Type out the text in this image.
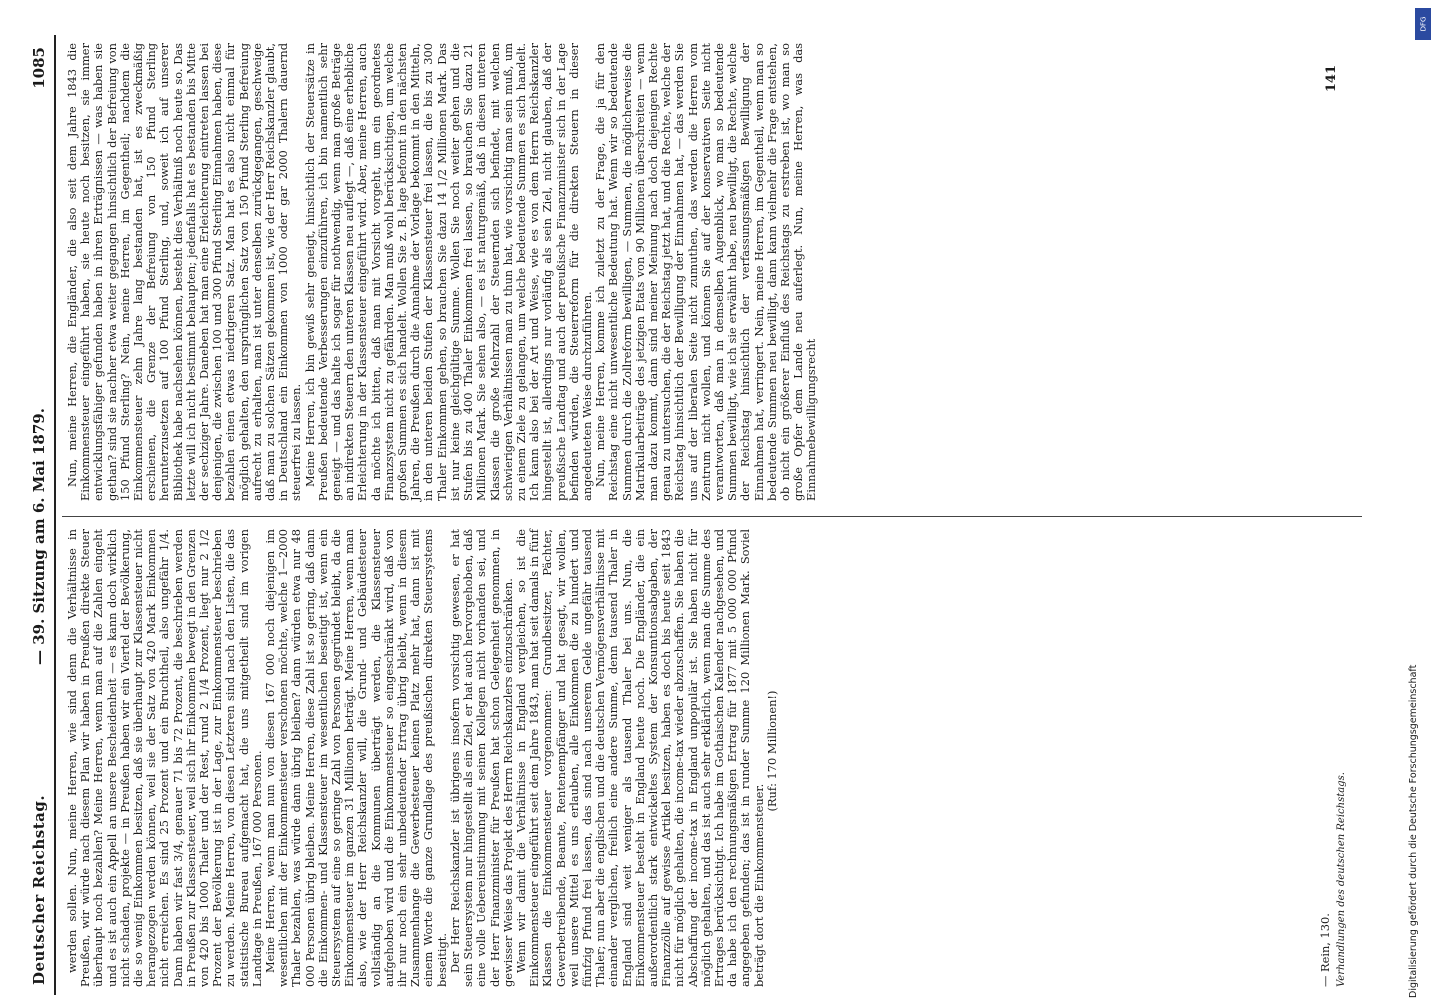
Deutscher Reichstag.
— 39. Sitzung am 6. Mai 1879.
1085

werden sollen. Nun, meine Herren, wie sind denn die Verhältnisse in Preußen, wir würde nach diesem Plan wir haben in Preußen direkte Steuer überhaupt noch bezahlen? Meine Herren, wenn man auf die Zahlen eingeht und es ist auch ein Appell an unsere Bescheidenheit — es kann doch wirklich nicht schaden, projekte — in Preußen haben wir ein Viertel der Bevölkerung, die so wenig Einkommen besitzen, daß sie überhaupt zur Klassensteuer nicht herangezogen werden können, weil sie der Satz von 420 Mark Einkommen nicht erreichen. Es sind 25 Prozent und ein Bruchtheil, also ungefähr 1/4. Dann haben wir fast 3/4, genauer 71 bis 72 Prozent, die beschrieben werden in Preußen zur Klassensteuer, weil sich ihr Einkommen bewegt in den Grenzen von 420 bis 1000 Thaler und der Rest, rund 2 1/4 Prozent, liegt nur 2 1/2 Prozent der Bevölkerung ist in der Lage, zur Einkommensteuer beschrieben zu werden. Meine Herren, von diesen Letzteren sind nach den Listen, die das statistische Bureau aufgemacht hat, die uns mitgetheilt sind im vorigen Landtage in Preußen, 167 000 Personen. Meine Herren, wenn man nun von diesen 167 000 noch diejenigen im wesentlichen mit der Einkommensteuer verschonen möchte, welche 1—2000 Thaler bezahlen, was würde dann übrig bleiben? dann würden etwa nur 48 000 Personen übrig bleiben. Meine Herren, diese Zahl ist so gering, daß dann die Einkommen- und Klassensteuer im wesentlichen beseitigt ist, wenn ein Steuersystem auf eine so geringe Zahl von Personen gegründet bleibt, da die Einkommensteuer im ganzen 31 Millionen beträgt. Meine Herren, wenn man also, wie der Herr Reichskanzler will, die Grund- und Gebäudesteuer vollständig an die Kommunen überträgt werden, die Klassensteuer aufgehoben wird und die Einkommensteuer so eingeschränkt wird, daß von ihr nur noch ein sehr unbedeutender Ertrag übrig bleibt, wenn in diesem Zusammenhange die Gewerbesteuer keinen Platz mehr hat, dann ist mit einem Worte die ganze Grundlage des preußischen direkten Steuersystems beseitigt. Der Herr Reichskanzler ist übrigens insofern vorsichtig gewesen, er hat sein Steuersystem nur hingestellt als ein Ziel, er hat auch hervorgehoben, daß eine volle Uebereinstimmung mit seinen Kollegen nicht vorhanden sei, und der Herr Finanzminister für Preußen hat schon Gelegenheit genommen, in gewisser Weise das Projekt des Herrn Reichskanzlers einzuschränken. Wenn wir damit die Verhältnisse in England vergleichen, so ist die Einkommensteuer eingeführt seit dem Jahre 1843, man hat seit damals in fünf Klassen die Einkommensteuer vorgenommen: Grundbesitzer, Pächter, Gewerbetreibende, Beamte, Rentenempfänger und hat gesagt, wir wollen, weil unsere Mittel es uns erlauben, alle Einkommen die zu hundert und fünfzig Pfund frei lassen, das sind nach unserem Gelde ungefähr tausend Thaler; nun aber die englischen und die deutschen Vermögensverhältnisse mit einander verglichen, freilich eine andere Summe, denn tausend Thaler in England sind weit weniger als tausend Thaler bei uns. Nun, die Einkommensteuer besteht in England heute noch. Die Engländer, die ein außerordentlich stark entwickeltes System der Konsumtionsabgaben, der Finanzzölle auf gewisse Artikel besitzen, haben es doch bis heute seit 1843 nicht für möglich gehalten, die income-tax wieder abzuschaffen. Sie haben die Abschaffung der income-tax in England unpopulär ist. Sie haben nicht für möglich gehalten, und das ist auch sehr erklärlich, wenn man die Summe des Ertrages berücksichtigt. Ich habe im Gothaischen Kalender nachgesehen, und da habe ich den rechnungsmäßigen Ertrag für 1877 mit 5 000 000 Pfund angegeben gefunden; das ist in runder Summe 120 Millionen Mark. Soviel beträgt dort die Einkommensteuer.

(Ruf: 170 Millionen!)

Nun, meine Herren, die Engländer, die also seit dem Jahre 1843 die Einkommensteuer eingeführt haben, sie heute noch besitzen, sie immer entwicklungsfähiger gefunden haben in ihren Erträgnissen — was haben sie gethan? sind sie nachher etwa weiter gegangen hinsichtlich der Befreiung von 150 Pfund Sterling? Nein, meine Herren, im Gegentheil; nachdem die Einkommensteuer zehn Jahre lang bestanden hat, ist es zweckmäßig erschienen, die Grenze der Befreiung von 150 Pfund Sterling herunterzusetzen auf 100 Pfund Sterling, und, soweit ich auf unserer Bibliothek habe nachsehen können, besteht dies Verhältniß noch heute so. Das letzte will ich nicht bestimmt behaupten; jedenfalls hat es bestanden bis Mitte der sechziger Jahre. Daneben hat man eine Erleichterung eintreten lassen bei denjenigen, die zwischen 100 und 300 Pfund Sterling Einnahmen haben, diese bezahlen einen etwas niedrigeren Satz. Man hat es also nicht einmal für möglich gehalten, den ursprünglichen Satz von 150 Pfund Sterling Befreiung aufrecht zu erhalten, man ist unter denselben zurückgegangen, geschweige daß man zu solchen Sätzen gekommen ist, wie der Herr Reichskanzler glaubt, in Deutschland ein Einkommen von 1000 oder gar 2000 Thalern dauernd steuerfrei zu lassen. Meine Herren, ich bin gewiß sehr geneigt, hinsichtlich der Steuersätze in Preußen bedeutende Verbesserungen einzuführen, ich bin namentlich sehr geneigt — und das halte ich sogar für nothwendig, wenn man große Beträge an indirekten Steuern den unteren Klassen neu auflegt —, daß eine erhebliche Erleichterung in der Klassensteuer eingeführt wird. Aber, meine Herren, auch da möchte ich bitten, daß man mit Vorsicht vorgeht, um ein geordnetes Finanzsystem nicht zu gefährden. Man muß wohl berücksichtigen, um welche großen Summen es sich handelt. Wollen Sie z. B. lage befonnt in den nächsten Jahren, die Preußen durch die Annahme der Vorlage bekommt in den Mitteln, in den unteren beiden Stufen der Klassensteuer frei lassen, die bis zu 300 Thaler Einkommen gehen, so brauchen Sie dazu 14 1/2 Millionen Mark. Das ist nur keine gleichgültige Summe. Wollen Sie noch weiter gehen und die Stufen bis zu 400 Thaler Einkommen frei lassen, so brauchen Sie dazu 21 Millionen Mark. Sie sehen also, — es ist naturgemäß, daß in diesen unteren Klassen die große Mehrzahl der Steuernden sich befindet, mit welchen schwierigen Verhältnissen man zu thun hat, wie vorsichtig man sein muß, um zu einem Ziele zu gelangen, um welche bedeutende Summen es sich handelt. Ich kann also bei der Art und Weise, wie es von dem Herrn Reichskanzler hingestellt ist, allerdings nur vorläufig als sein Ziel, nicht glauben, daß der preußische Landtag und auch der preußische Finanzminister sich in der Lage befinden würden, die Steuerreform für die direkten Steuern in dieser angedeuteten Weise durchzuführen. Nun, meine Herren, komme ich zuletzt zu der Frage, die ja für den Reichstag eine nicht unwesentliche Bedeutung hat. Wenn wir so bedeutende Summen durch die Zollreform bewilligen, — Summen, die möglicherweise die Matrikularbeiträge des jetzigen Etats von 90 Millionen überschreiten — wenn man dazu kommt, dann sind meiner Meinung nach doch diejenigen Rechte genau zu untersuchen, die der Reichstag jetzt hat, und die Rechte, welche der Reichstag hinsichtlich der Bewilligung der Einnahmen hat, — das werden Sie uns auf der liberalen Seite nicht zumuthen, das werden die Herren vom Zentrum nicht wollen, und können Sie auf der konservativen Seite nicht verantworten, daß man in demselben Augenblick, wo man so bedeutende Summen bewilligt, wie ich sie erwähnt habe, neu bewilligt, die Rechte, welche der Reichstag hinsichtlich der verfassungsmäßigen Bewilligung der Einnahmen hat, verringert. Nein, meine Herren, im Gegentheil, wenn man so bedeutende Summen neu bewilligt, dann kann vielmehr die Frage entstehen, ob nicht ein größerer Einfluß des Reichstags zu erstreben ist, wo man so große Opfer dem Lande neu auferlegt. Nun, meine Herren, was das Einnahmebewilligungsrecht

— Rein, 130. Verhandlungen des deutschen Reichstags.
141
Digitalisierung gefördert durch die Deutsche Forschungsgemeinschaft
DFG
